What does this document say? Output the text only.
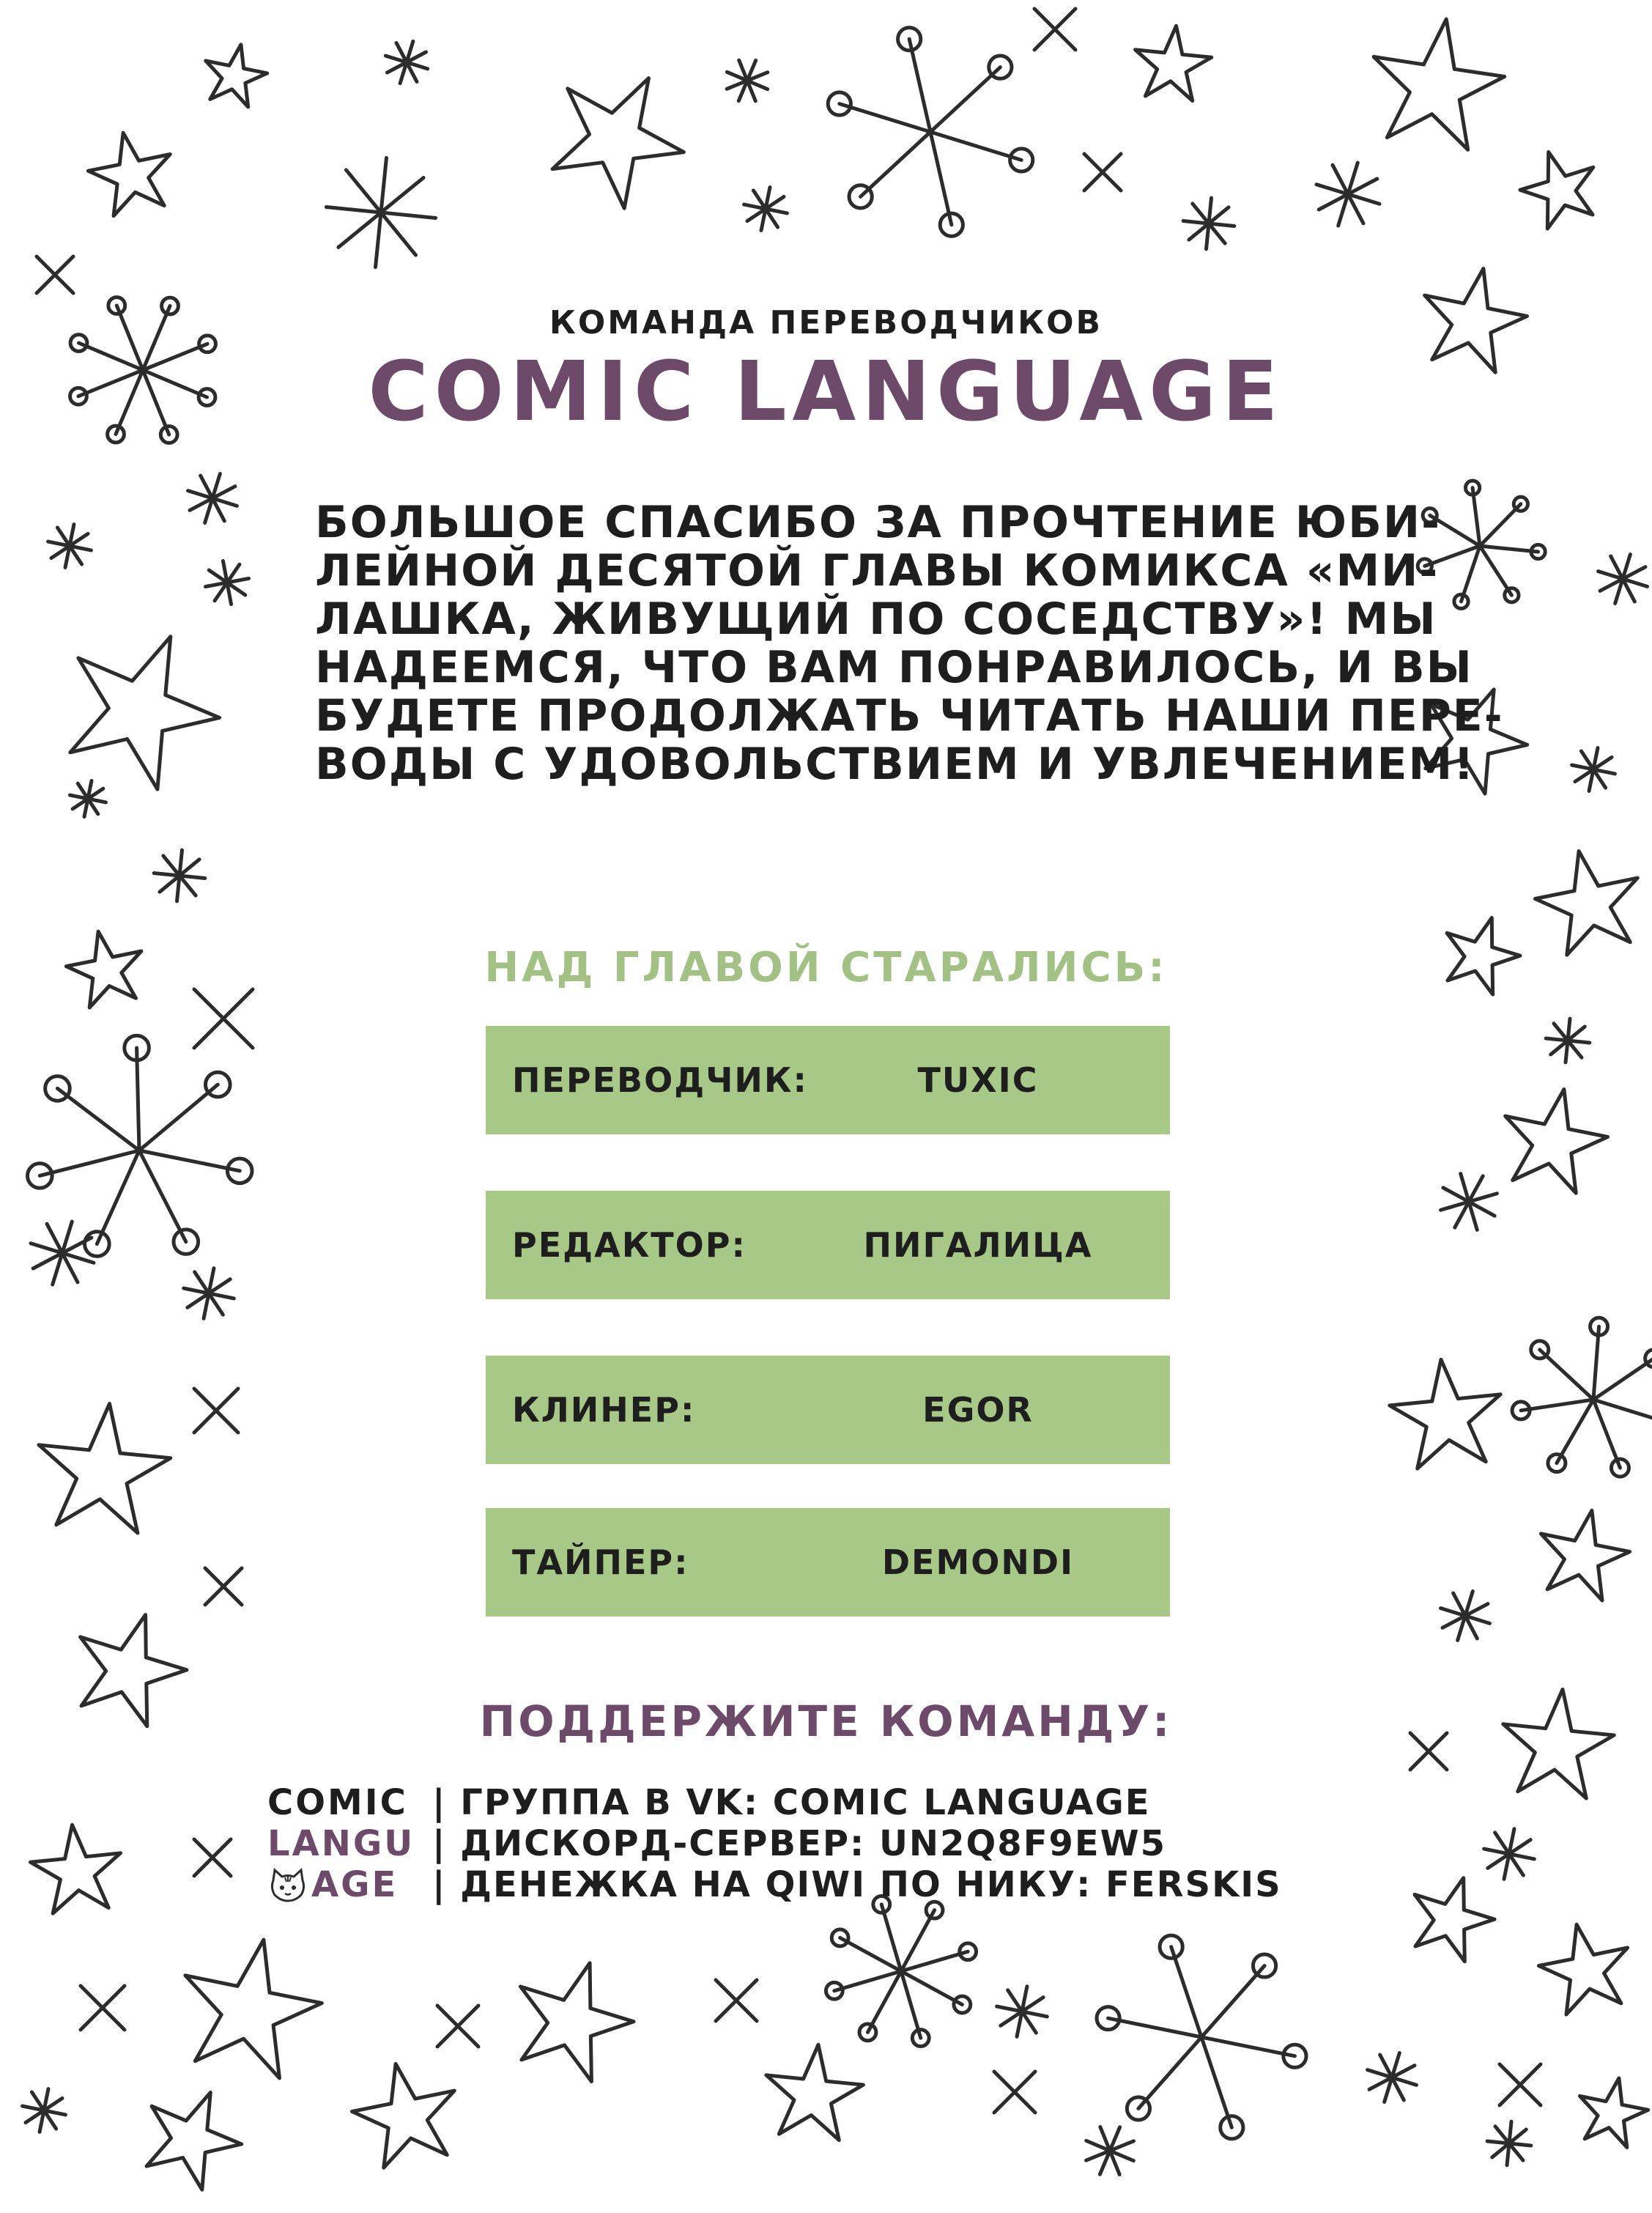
КОМАНДА ПЕРЕВОДЧИКОВ
COMIC LANGUAGE
БОЛЬШОЕ СПАСИБО ЗА ПРОЧТЕНИЕ ЮБИ-
ЛЕЙНОЙ ДЕСЯТОЙ ГЛАВЫ КОМИКСА «МИ-
ЛАШКА, ЖИВУЩИЙ ПО СОСЕДСТВУ»! МЫ
НАДЕЕМСЯ, ЧТО ВАМ ПОНРАВИЛОСЬ, И ВЫ
БУДЕТЕ ПРОДОЛЖАТЬ ЧИТАТЬ НАШИ ПЕРЕ-
ВОДЫ С УДОВОЛЬСТВИЕМ И УВЛЕЧЕНИЕМ!
НАД ГЛАВОЙ СТАРАЛИСЬ:
ПЕРЕВОДЧИК:	TUXIC
РЕДАКТОР:	ПИГАЛИЦА
КЛИНЕР:	EGOR
ТАЙПЕР:	DEMONDI
ПОДДЕРЖИТЕ КОМАНДУ:
COMIC
LANGU
AGE
| ГРУППА В VK: COMIC LANGUAGE
| ДИСКОРД-СЕРВЕР: UN2Q8F9EW5
| ДЕНЕЖКА НА QIWI ПО НИКУ: FERSKIS
